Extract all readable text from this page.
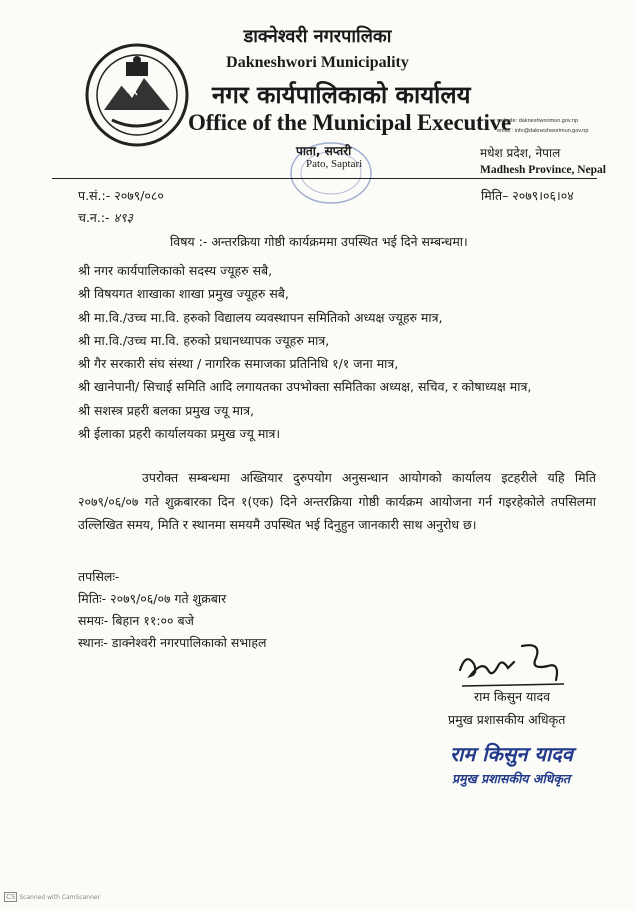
डाक्नेश्वरी नगरपालिका
Dakneshwori Municipality
नगर कार्यपालिकाको कार्यालय
Office of the Municipal Executive
website: dakneshworimun.gov.np
email : info@dakneshworimun.gov.np
पाता, सप्तरी
Pato, Saptari
मधेश प्रदेश, नेपाल
Madhesh Province, Nepal
प.सं.:- २०७९/०८०	मिति– २०७९।०६।०४
च.न.:- ४९३
विषय :- अन्तरक्रिया गोष्ठी कार्यक्रममा उपस्थित भई दिने सम्बन्धमा।
श्री नगर कार्यपालिकाको सदस्य ज्यूहरु सबै,
श्री विषयगत शाखाका शाखा प्रमुख ज्यूहरु सबै,
श्री मा.वि./उच्च मा.वि. हरुको विद्यालय व्यवस्थापन समितिको अध्यक्ष ज्यूहरु मात्र,
श्री मा.वि./उच्च मा.वि. हरुको प्रधानध्यापक ज्यूहरु मात्र,
श्री गैर सरकारी संघ संस्था / नागरिक समाजका प्रतिनिधि १/१ जना मात्र,
श्री खानेपानी/ सिचाई समिति आदि लगायतका उपभोक्ता समितिका अध्यक्ष, सचिव, र कोषाध्यक्ष मात्र,
श्री सशस्त्र प्रहरी बलका प्रमुख ज्यू मात्र,
श्री ईलाका प्रहरी कार्यालयका प्रमुख ज्यू मात्र।

उपरोक्त सम्बन्धमा अख्तियार दुरुपयोग अनुसन्धान आयोगको कार्यालय इटहरीले यहि मिति २०७९/०६/०७ गते शुक्रबारका दिन १(एक) दिने अन्तरक्रिया गोष्ठी कार्यक्रम आयोजना गर्न गइरहेकोले तपसिलमा उल्लिखित समय, मिति र स्थानमा समयमै उपस्थित भई दिनुहुन जानकारी साथ अनुरोध छ।

तपसिलः-
मितिः- २०७९/०६/०७ गते शुक्रबार
समयः- बिहान ११:०० बजे
स्थानः- डाक्नेश्वरी नगरपालिकाको सभाहल
राम किसुन यादव
प्रमुख प्रशासकीय अधिकृत
राम किसुन यादव
प्रमुख प्रशासकीय अधिकृत
CS Scanned with CamScanner
